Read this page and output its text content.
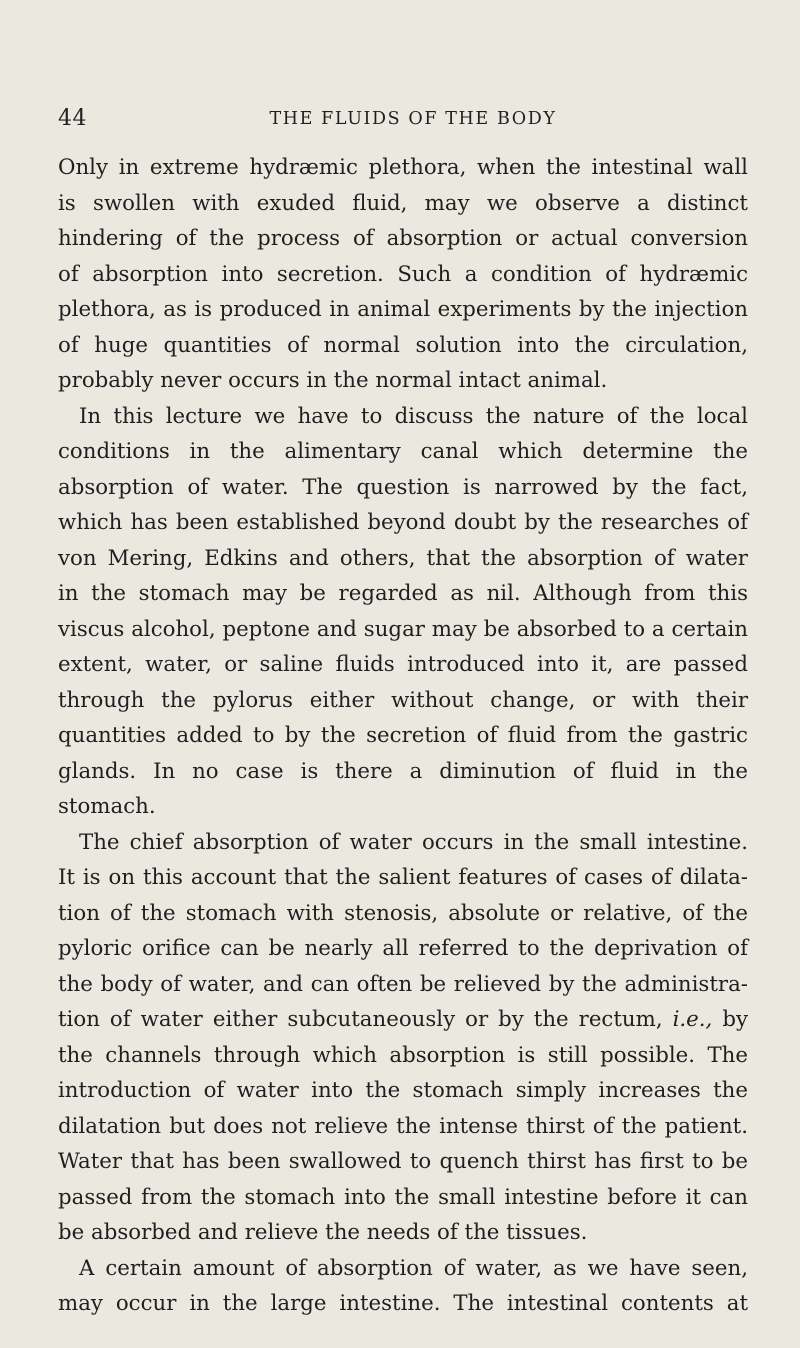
44	THE FLUIDS OF THE BODY
Only in extreme hydræmic plethora, when the intestinal wall
is swollen with exuded fluid, may we observe a distinct
hindering of the process of absorption or actual conversion
of absorption into secretion. Such a condition of hydræmic
plethora, as is produced in animal experiments by the injection
of huge quantities of normal solution into the circulation,
probably never occurs in the normal intact animal.
In this lecture we have to discuss the nature of the local
conditions in the alimentary canal which determine the
absorption of water. The question is narrowed by the fact,
which has been established beyond doubt by the researches of
von Mering, Edkins and others, that the absorption of water
in the stomach may be regarded as nil. Although from this
viscus alcohol, peptone and sugar may be absorbed to a certain
extent, water, or saline fluids introduced into it, are passed
through the pylorus either without change, or with their
quantities added to by the secretion of fluid from the gastric
glands. In no case is there a diminution of fluid in the
stomach.
The chief absorption of water occurs in the small intestine.
It is on this account that the salient features of cases of dilata-
tion of the stomach with stenosis, absolute or relative, of the
pyloric orifice can be nearly all referred to the deprivation of
the body of water, and can often be relieved by the administra-
tion of water either subcutaneously or by the rectum, i.e., by
the channels through which absorption is still possible. The
introduction of water into the stomach simply increases the
dilatation but does not relieve the intense thirst of the patient.
Water that has been swallowed to quench thirst has first to be
passed from the stomach into the small intestine before it can
be absorbed and relieve the needs of the tissues.
A certain amount of absorption of water, as we have seen,
may occur in the large intestine. The intestinal contents at
